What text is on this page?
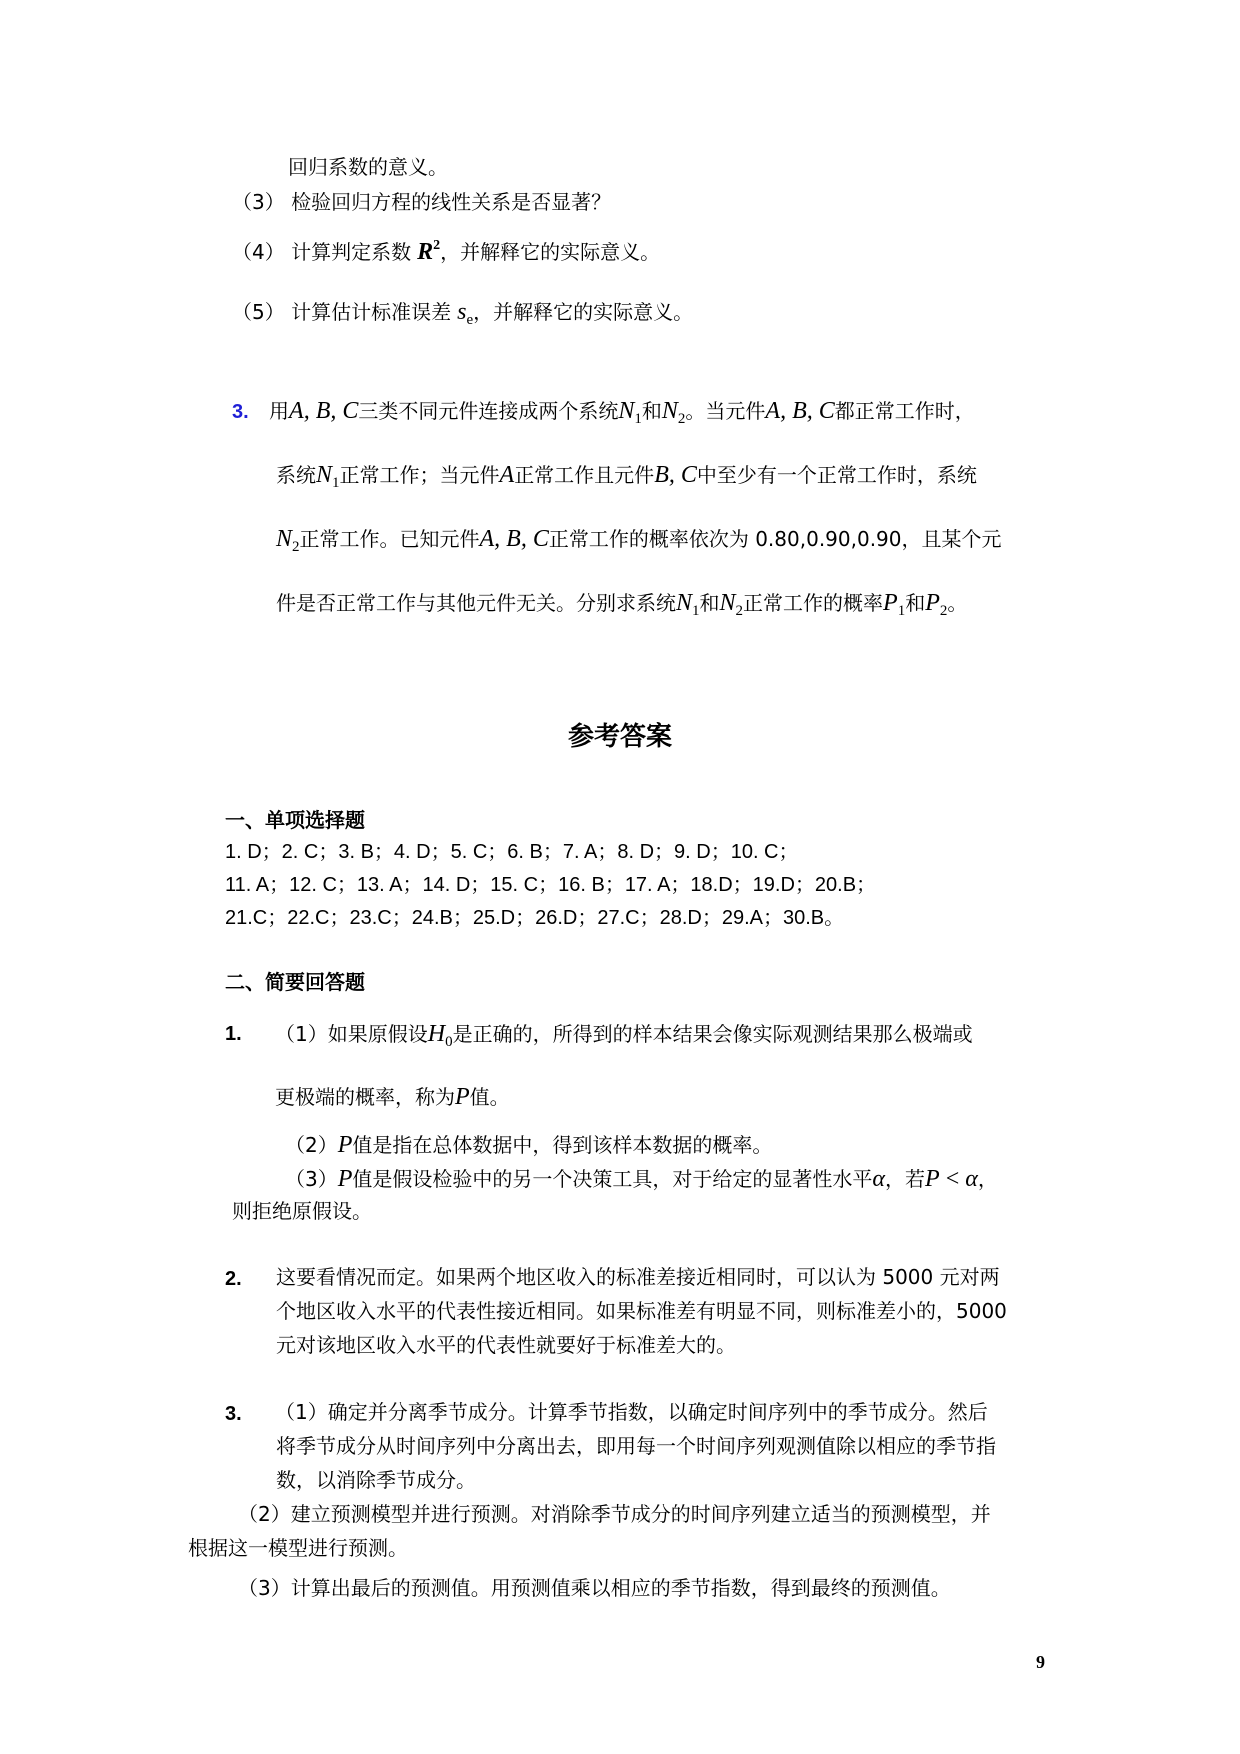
回归系数的意义。
（3） 检验回归方程的线性关系是否显著？
（4） 计算判定系数 $R^2$，并解释它的实际意义。
（5） 计算估计标准误差 $s_e$，并解释它的实际意义。
3. 用A, B, C三类不同元件连接成两个系统$N_1$和$N_2$。当元件A, B, C都正常工作时，
系统$N_1$正常工作；当元件A正常工作且元件B, C中至少有一个正常工作时，系统
$N_2$正常工作。已知元件A, B, C正常工作的概率依次为 0.80,0.90,0.90，且某个元
件是否正常工作与其他元件无关。分别求系统$N_1$和$N_2$正常工作的概率$P_1$和$P_2$。
参考答案
一、单项选择题
1. D；2. C；3. B；4. D；5. C；6. B；7. A；8. D；9. D；10. C；
11. A；12. C；13. A；14. D；15. C；16. B；17. A；18.D；19.D；20.B；
21.C；22.C；23.C；24.B；25.D；26.D；27.C；28.D；29.A；30.B。
二、简要回答题
1. （1）如果原假设$H_0$是正确的，所得到的样本结果会像实际观测结果那么极端或
更极端的概率，称为P值。
（2）P值是指在总体数据中，得到该样本数据的概率。
（3）P值是假设检验中的另一个决策工具，对于给定的显著性水平α，若P < α，
则拒绝原假设。
2. 这要看情况而定。如果两个地区收入的标准差接近相同时，可以认为 5000 元对两
个地区收入水平的代表性接近相同。如果标准差有明显不同，则标准差小的，5000
元对该地区收入水平的代表性就要好于标准差大的。
3. （1）确定并分离季节成分。计算季节指数，以确定时间序列中的季节成分。然后
将季节成分从时间序列中分离出去，即用每一个时间序列观测值除以相应的季节指
数，以消除季节成分。
（2）建立预测模型并进行预测。对消除季节成分的时间序列建立适当的预测模型，并
根据这一模型进行预测。
（3）计算出最后的预测值。用预测值乘以相应的季节指数，得到最终的预测值。
9
